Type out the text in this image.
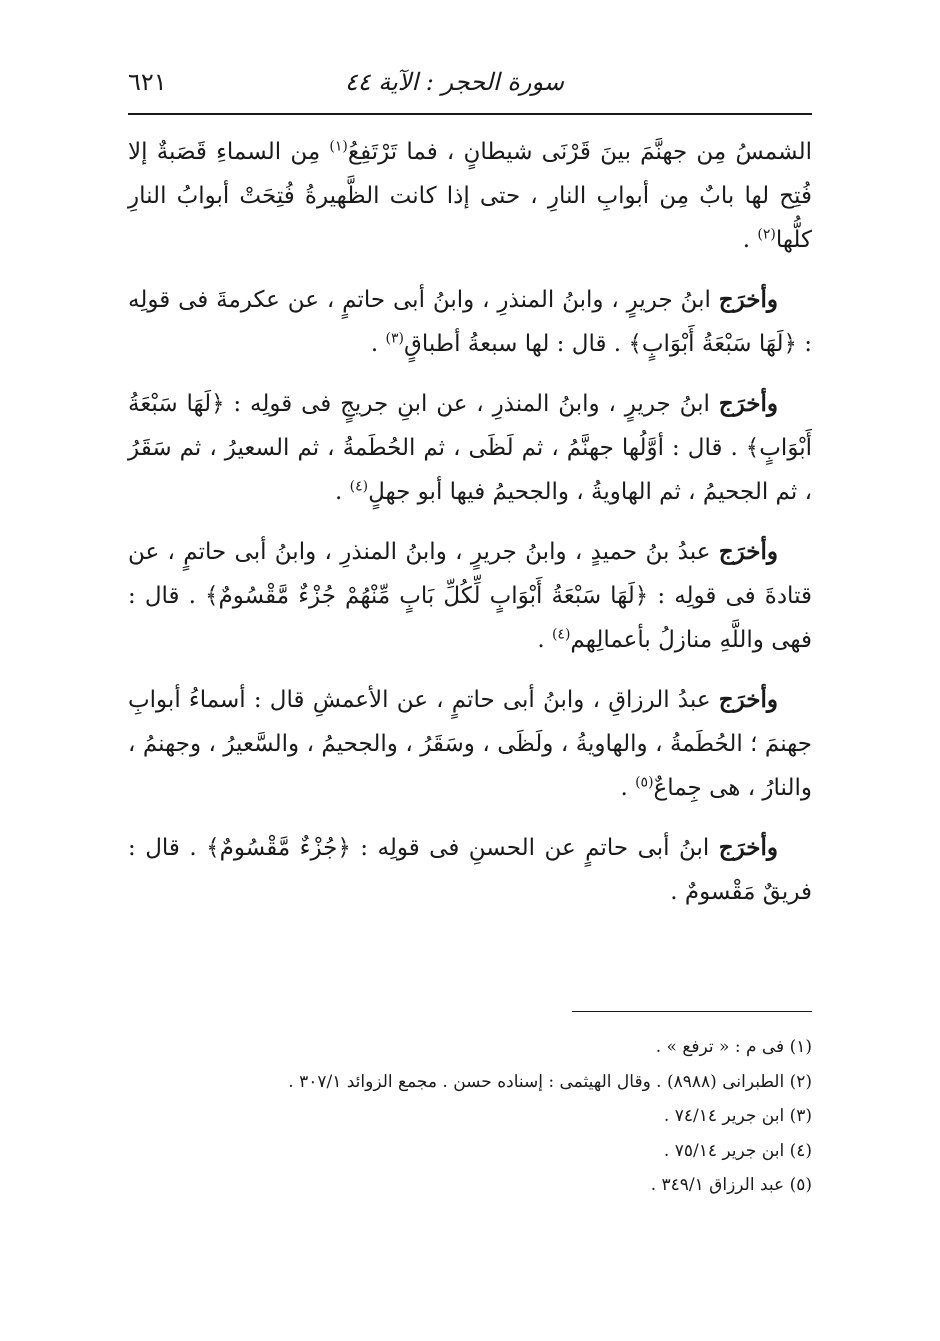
سورة الحجر : الآية ٤٤
٦٢١

الشمسُ مِن جهنَّمَ بينَ قَرْنَى شيطانٍ ، فما تَرْتَفِعُ$^{(١)}$ مِن السماءِ قَصَبةٌ إلا فُتِح لها بابٌ مِن أبوابِ النارِ ، حتى إذا كانت الظَّهيرةُ فُتِحَتْ أبوابُ النارِ كلُّها$^{(٢)}$ .

وأخرَج ابنُ جريرٍ ، وابنُ المنذرِ ، وابنُ أبى حاتمٍ ، عن عكرمةَ فى قولِه : ﴿لَهَا سَبْعَةُ أَبْوَابٍ﴾ . قال : لها سبعةُ أطباقٍ$^{(٣)}$ .

وأخرَج ابنُ جريرٍ ، وابنُ المنذرِ ، عن ابنِ جريجٍ فى قولِه : ﴿لَهَا سَبْعَةُ أَبْوَابٍ﴾ . قال : أوَّلُها جهنَّمُ ، ثم لَظَى ، ثم الحُطَمةُ ، ثم السعيرُ ، ثم سَقَرُ ، ثم الجحيمُ ، ثم الهاويةُ ، والجحيمُ فيها أبو جهلٍ$^{(٤)}$ .

وأخرَج عبدُ بنُ حميدٍ ، وابنُ جريرٍ ، وابنُ المنذرِ ، وابنُ أبى حاتمٍ ، عن قتادةَ فى قولِه : ﴿لَهَا سَبْعَةُ أَبْوَابٍ لِّكُلِّ بَابٍ مِّنْهُمْ جُزْءٌ مَّقْسُومٌ﴾ . قال : فهى واللَّهِ منازلُ بأعمالِهم$^{(٤)}$ .

وأخرَج عبدُ الرزاقِ ، وابنُ أبى حاتمٍ ، عن الأعمشِ قال : أسماءُ أبوابِ جهنمَ ؛ الحُطَمةُ ، والهاويةُ ، ولَظَى ، وسَقَرُ ، والجحيمُ ، والسَّعيرُ ، وجهنمُ ، والنارُ ، هى جِماعٌ$^{(٥)}$ .

وأخرَج ابنُ أبى حاتمٍ عن الحسنِ فى قولِه : ﴿جُزْءٌ مَّقْسُومٌ﴾ . قال : فريقٌ مَقْسومٌ .

(١) فى م : « ترفع » .
(٢) الطبرانى (٨٩٨٨) . وقال الهيثمى : إسناده حسن . مجمع الزوائد ٣٠٧/١ .
(٣) ابن جرير ٧٤/١٤ .
(٤) ابن جرير ٧٥/١٤ .
(٥) عبد الرزاق ٣٤٩/١ .
